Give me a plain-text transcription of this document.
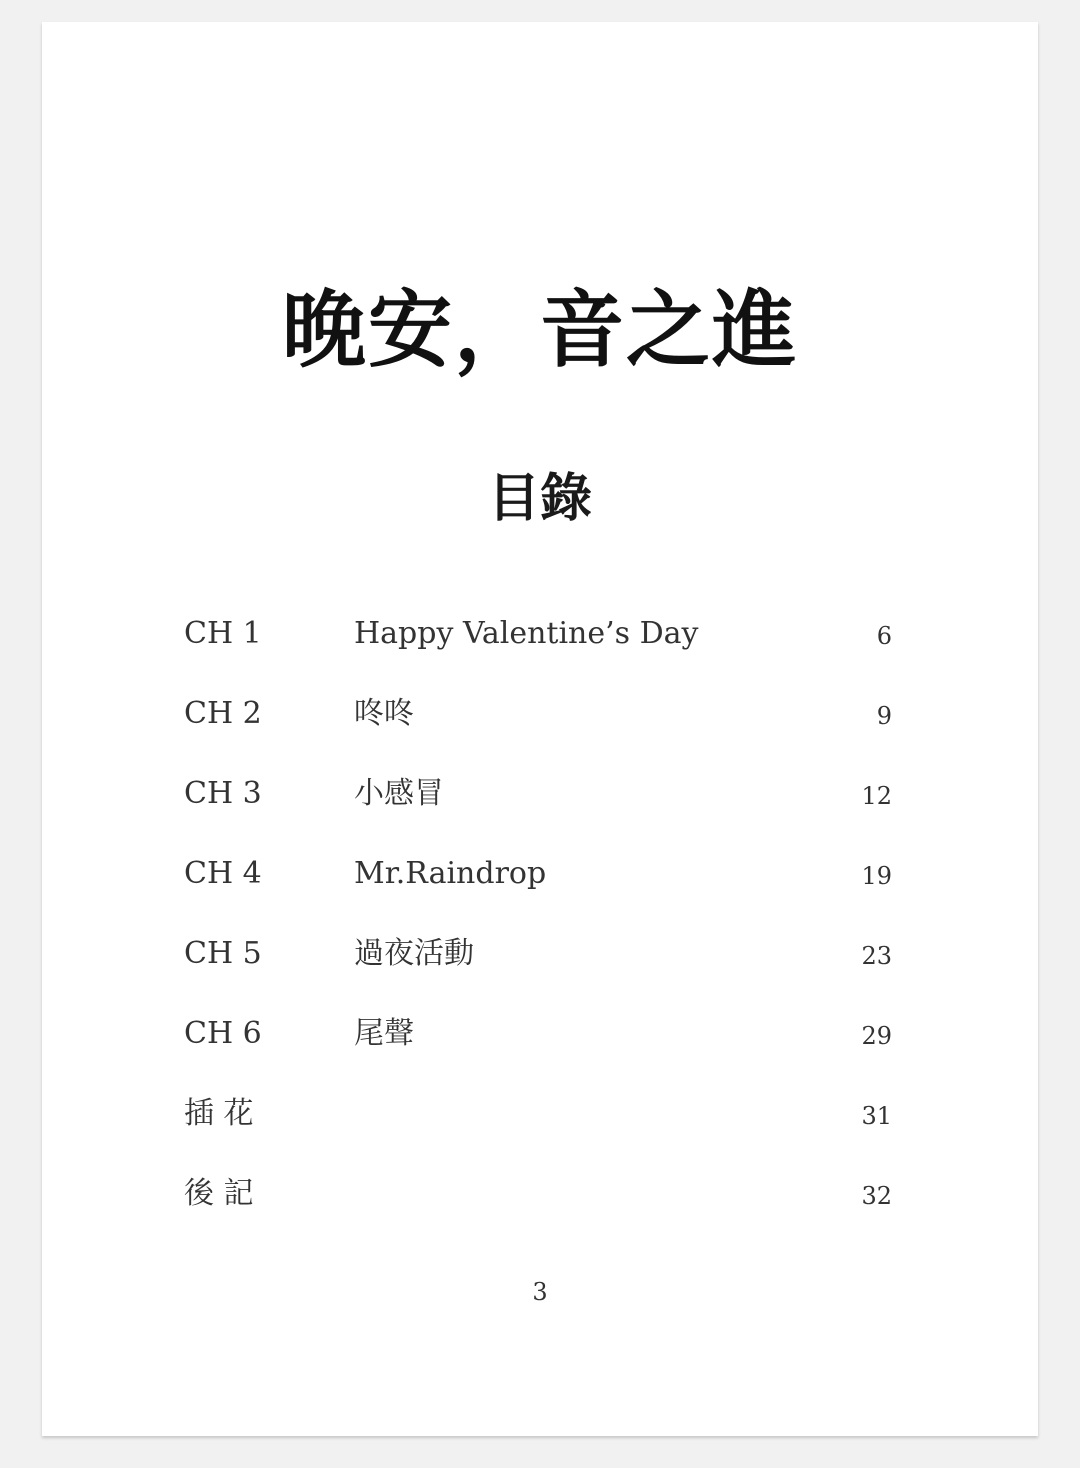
晚安，音之進
目錄
CH 1	Happy Valentine’s Day	6
CH 2	咚咚	9
CH 3	小感冒	12
CH 4	Mr.Raindrop	19
CH 5	過夜活動	23
CH 6	尾聲	29
插 花	31
後 記	32
3
